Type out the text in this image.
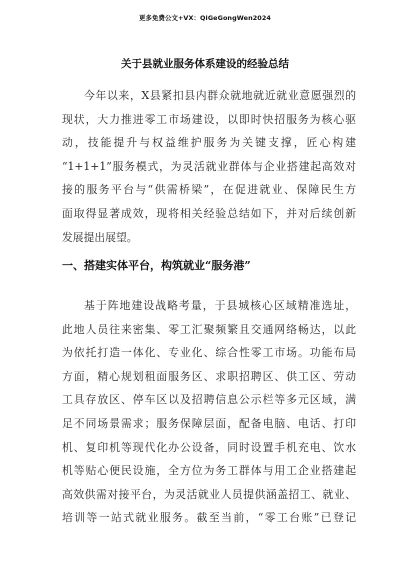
更多免费公文+VX：QiGeGongWen2024
关于县就业服务体系建设的经验总结
今年以来，X县紧扣县内群众就地就近就业意愿强烈的
现状，大力推进零工市场建设，以即时快招服务为核心驱
动，技能提升与权益维护服务为关键支撑，匠心构建
“1+1+1”服务模式，为灵活就业群体与企业搭建起高效对
接的服务平台与“供需桥梁”，在促进就业、保障民生方
面取得显著成效，现将相关经验总结如下，并对后续创新
发展提出展望。
一、搭建实体平台，构筑就业“服务港”
基于阵地建设战略考量，于县城核心区域精准选址，
此地人员往来密集、零工汇聚频繁且交通网络畅达，以此
为依托打造一体化、专业化、综合性零工市场。功能布局
方面，精心规划租面服务区、求职招聘区、供工区、劳动
工具存放区、停车区以及招聘信息公示栏等多元区域，满
足不同场景需求；服务保障层面，配备电脑、电话、打印
机、复印机等现代化办公设备，同时设置手机充电、饮水
机等贴心便民设施，全方位为务工群体与用工企业搭建起
高效供需对接平台，为灵活就业人员提供涵盖招工、就业、
培训等一站式就业服务。截至当前，“零工台账”已登记
